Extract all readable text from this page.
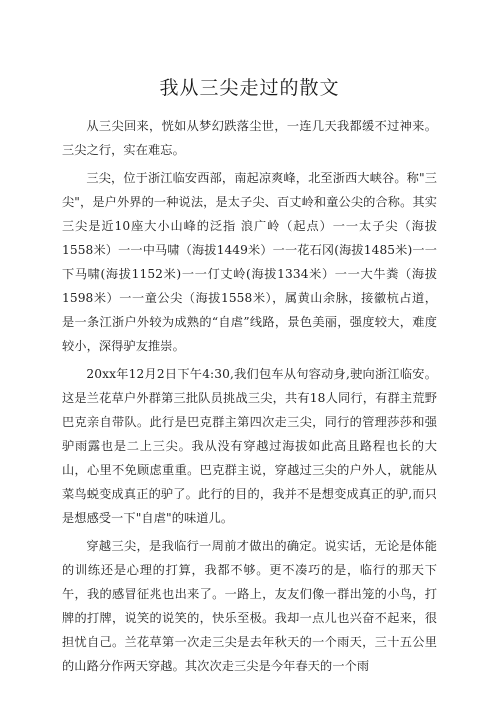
我从三尖走过的散文

从三尖回来，恍如从梦幻跌落尘世，一连几天我都缓不过神来。三尖之行，实在难忘。

三尖，位于浙江临安西部，南起凉爽峰，北至浙西大峡谷。称"三尖"，是户外界的一种说法，是太子尖、百丈岭和童公尖的合称。其实三尖是近10座大小山峰的泛指 浪广岭（起点）一一太子尖（海拔1558米）一一中马啸（海拔1449米）一一花石冈(海拔1485米)一一下马啸(海拔1152米)一一仃丈岭(海拔1334米）一一大牛粪（海拔1598米）一一童公尖（海拔1558米），属黄山余脉，接徽杭占道，是一条江浙户外较为成熟的“自虐”线路，景色美丽，强度较大，难度较小，深得驴友推崇。

20xx年12月2日下午4:30,我们包车从句容动身,驶向浙江临安。这是兰花草户外群第三批队员挑战三尖，共有18人同行，有群主荒野巴克亲自带队。此行是巴克群主第四次走三尖，同行的管理莎莎和强驴雨露也是二上三尖。我从没有穿越过海拔如此高且路程也长的大山，心里不免顾虑重重。巴克群主说，穿越过三尖的户外人，就能从菜鸟蜕变成真正的驴了。此行的目的，我并不是想变成真正的驴,而只是想感受一下"自虐"的味道儿。

穿越三尖，是我临行一周前才做出的确定。说实话，无论是体能的训练还是心理的打算，我都不够。更不凑巧的是，临行的那天下午，我的感冒征兆也出来了。一路上，友友们像一群出笼的小鸟，打牌的打牌，说笑的说笑的，快乐至极。我却一点儿也兴奋不起来，很担忧自己。兰花草第一次走三尖是去年秋天的一个雨天，三十五公里的山路分作两天穿越。其次次走三尖是今年春天的一个雨
